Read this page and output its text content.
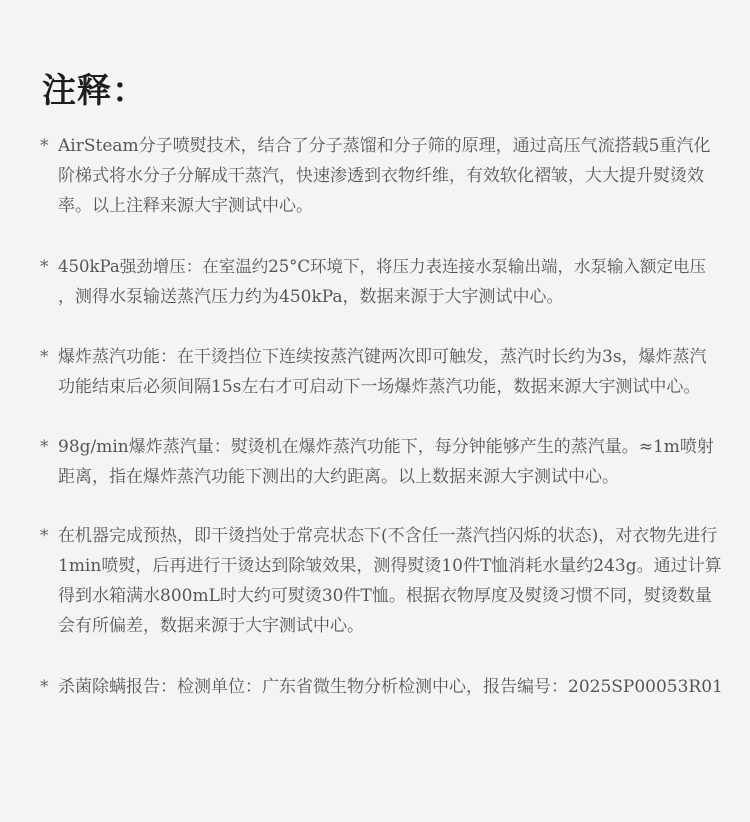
注释：
* AirSteam分子喷熨技术，结合了分子蒸馏和分子筛的原理，通过高压气流搭载5重汽化
阶梯式将水分子分解成干蒸汽，快速渗透到衣物纤维，有效软化褶皱，大大提升熨烫效
率。以上注释来源大宇测试中心。
* 450kPa强劲增压：在室温约25°C环境下，将压力表连接水泵输出端，水泵输入额定电压
，测得水泵输送蒸汽压力约为450kPa，数据来源于大宇测试中心。
* 爆炸蒸汽功能：在干烫挡位下连续按蒸汽键两次即可触发，蒸汽时长约为3s，爆炸蒸汽
功能结束后必须间隔15s左右才可启动下一场爆炸蒸汽功能，数据来源大宇测试中心。
* 98g/min爆炸蒸汽量：熨烫机在爆炸蒸汽功能下，每分钟能够产生的蒸汽量。≈1m喷射
距离，指在爆炸蒸汽功能下测出的大约距离。以上数据来源大宇测试中心。
* 在机器完成预热，即干烫挡处于常亮状态下(不含任一蒸汽挡闪烁的状态)，对衣物先进行
1min喷熨，后再进行干烫达到除皱效果，测得熨烫10件T恤消耗水量约243g。通过计算
得到水箱满水800mL时大约可熨烫30件T恤。根据衣物厚度及熨烫习惯不同，熨烫数量
会有所偏差，数据来源于大宇测试中心。
* 杀菌除螨报告：检测单位：广东省微生物分析检测中心，报告编号：2025SP00053R01
